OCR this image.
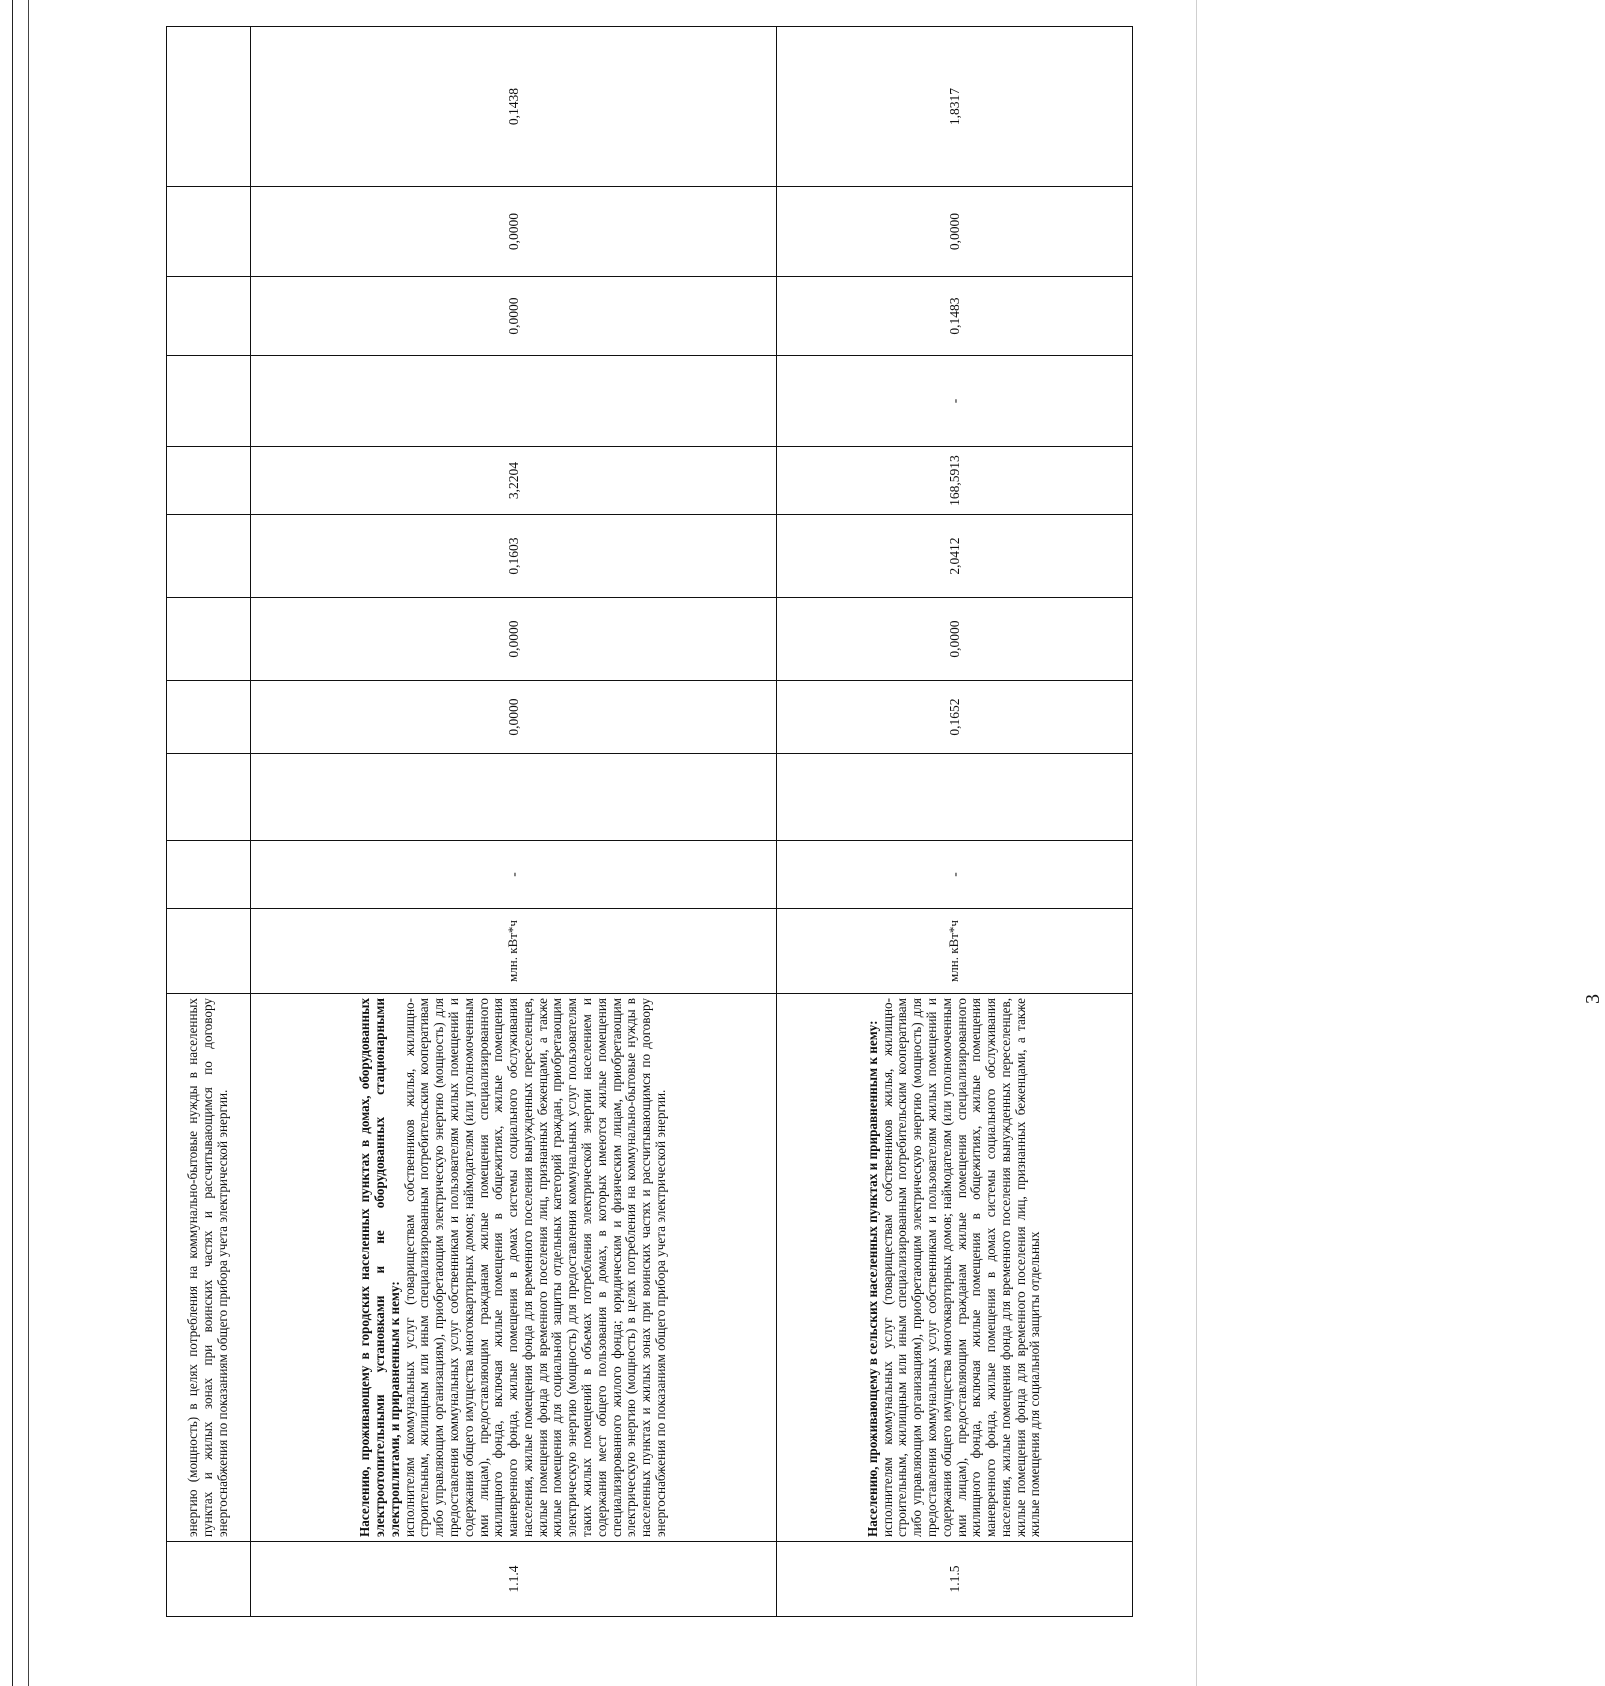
3

	энергию (мощность) в целях потребления на коммунально-бытовые нужды в населенных пунктах и жилых зонах при воинских частях и рассчитывающимся по договору энергоснабжения по показаниям общего прибора учета электрической энергии.												

1.1.4	Населению, проживающему в городских населенных пунктах в домах, оборудованных электроотопительными установками и не оборудованных стационарными электроплитами, и приравненным к нему: исполнителям коммунальных услуг (товариществам собственников жилья, жилищно-строительным, жилищным или иным специализированным потребительским кооперативам либо управляющим организациям), приобретающим электрическую энергию (мощность) для предоставления коммунальных услуг собственникам и пользователям жилых помещений и содержания общего имущества многоквартирных домов; наймодателям (или уполномоченным ими лицам), предоставляющим гражданам жилые помещения специализированного жилищного фонда, включая жилые помещения в общежитиях, жилые помещения маневренного фонда, жилые помещения в домах системы социального обслуживания населения, жилые помещения фонда для временного поселения вынужденных переселенцев, жилые помещения фонда для временного поселения лиц, признанных беженцами, а также жилые помещения для социальной защиты отдельных категорий граждан, приобретающим электрическую энергию (мощность) для предоставления коммунальных услуг пользователям таких жилых помещений в объемах потребления электрической энергии населением и содержания мест общего пользования в домах, в которых имеются жилые помещения специализированного жилого фонда; юридическим и физическим лицам, приобретающим электрическую энергию (мощность) в целях потребления на коммунально-бытовые нужды в населенных пунктах и жилых зонах при воинских частях и рассчитывающимся по договору энергоснабжения по показаниям общего прибора учета электрической энергии.	млн. кВт*ч	-		0,0000	0,0000	0,1603	3,2204		0,0000	0,0000	0,1438	
1.1.5	Населению, проживающему в сельских населенных пунктах и приравненным к нему: исполнителям коммунальных услуг (товариществам собственников жилья, жилищно-строительным, жилищным или иным специализированным потребительским кооперативам либо управляющим организациям), приобретающим электрическую энергию (мощность) для предоставления коммунальных услуг собственникам и пользователям жилых помещений и содержания общего имущества многоквартирных домов; наймодателям (или уполномоченным ими лицам), предоставляющим гражданам жилые помещения специализированного жилищного фонда, включая жилые помещения в общежитиях, жилые помещения маневренного фонда, жилые помещения в домах системы социального обслуживания населения, жилые помещения фонда для временного поселения вынужденных переселенцев, жилые помещения фонда для временного поселения лиц, признанных беженцами, а также жилые помещения для социальной защиты отдельных	млн. кВт*ч	-		0,1652	0,0000	2,0412	168,5913	-	0,1483	0,0000	1,8317	
